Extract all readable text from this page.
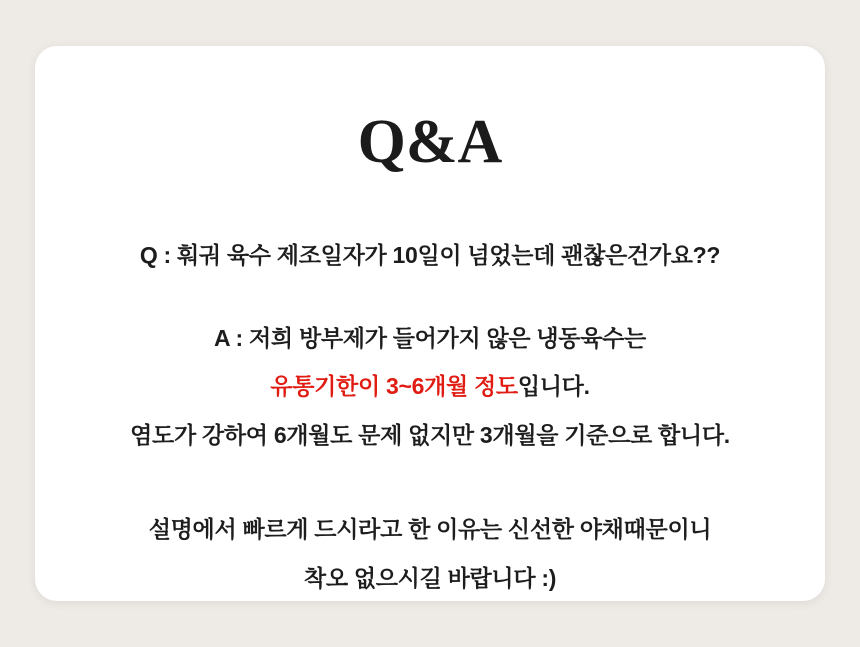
Q&A
Q : 훠궈 육수 제조일자가 10일이 넘었는데 괜찮은건가요??
A : 저희 방부제가 들어가지 않은 냉동육수는
유통기한이 3~6개월 정도입니다.
염도가 강하여 6개월도 문제 없지만 3개월을 기준으로 합니다.
설명에서 빠르게 드시라고 한 이유는 신선한 야채때문이니
착오 없으시길 바랍니다 :)
